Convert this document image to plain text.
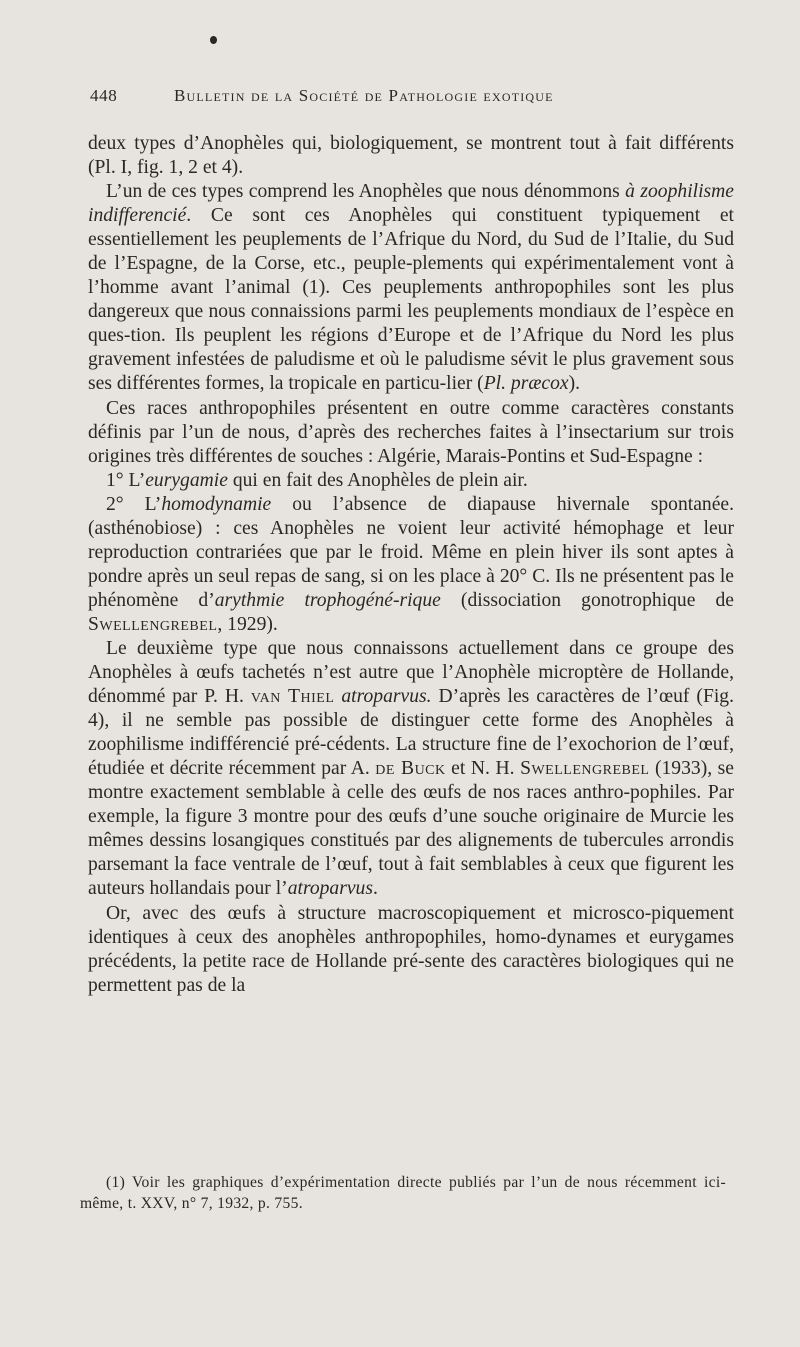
448	Bulletin de la Société de Pathologie exotique

deux types d’Anophèles qui, biologiquement, se montrent tout à fait différents (Pl. I, fig. 1, 2 et 4).

L’un de ces types comprend les Anophèles que nous dénommons à zoophilisme indifferencié. Ce sont ces Anophèles qui constituent typiquement et essentiellement les peuplements de l’Afrique du Nord, du Sud de l’Italie, du Sud de l’Espagne, de la Corse, etc., peuple-plements qui expérimentalement vont à l’homme avant l’animal (1). Ces peuplements anthropophiles sont les plus dangereux que nous connaissions parmi les peuplements mondiaux de l’espèce en ques-tion. Ils peuplent les régions d’Europe et de l’Afrique du Nord les plus gravement infestées de paludisme et où le paludisme sévit le plus gravement sous ses différentes formes, la tropicale en particu-lier (Pl. præcox).

Ces races anthropophiles présentent en outre comme caractères constants définis par l’un de nous, d’après des recherches faites à l’insectarium sur trois origines très différentes de souches : Algérie, Marais-Pontins et Sud-Espagne :

1° L’eurygamie qui en fait des Anophèles de plein air.

2° L’homodynamie ou l’absence de diapause hivernale spontanée. (asthénobiose) : ces Anophèles ne voient leur activité hémophage et leur reproduction contrariées que par le froid. Même en plein hiver ils sont aptes à pondre après un seul repas de sang, si on les place à 20° C. Ils ne présentent pas le phénomène d’arythmie trophogéné-rique (dissociation gonotrophique de Swellengrebel, 1929).

Le deuxième type que nous connaissons actuellement dans ce groupe des Anophèles à œufs tachetés n’est autre que l’Anophèle microptère de Hollande, dénommé par P. H. van Thiel atroparvus. D’après les caractères de l’œuf (Fig. 4), il ne semble pas possible de distinguer cette forme des Anophèles à zoophilisme indifférencié pré-cédents. La structure fine de l’exochorion de l’œuf, étudiée et décrite récemment par A. de Buck et N. H. Swellengrebel (1933), se montre exactement semblable à celle des œufs de nos races anthro-pophiles. Par exemple, la figure 3 montre pour des œufs d’une souche originaire de Murcie les mêmes dessins losangiques constitués par des alignements de tubercules arrondis parsemant la face ventrale de l’œuf, tout à fait semblables à ceux que figurent les auteurs hollandais pour l’atroparvus.

Or, avec des œufs à structure macroscopiquement et microsco-piquement identiques à ceux des anophèles anthropophiles, homo-dynames et eurygames précédents, la petite race de Hollande pré-sente des caractères biologiques qui ne permettent pas de la

(1) Voir les graphiques d’expérimentation directe publiés par l’un de nous récemment ici-même, t. XXV, n° 7, 1932, p. 755.
